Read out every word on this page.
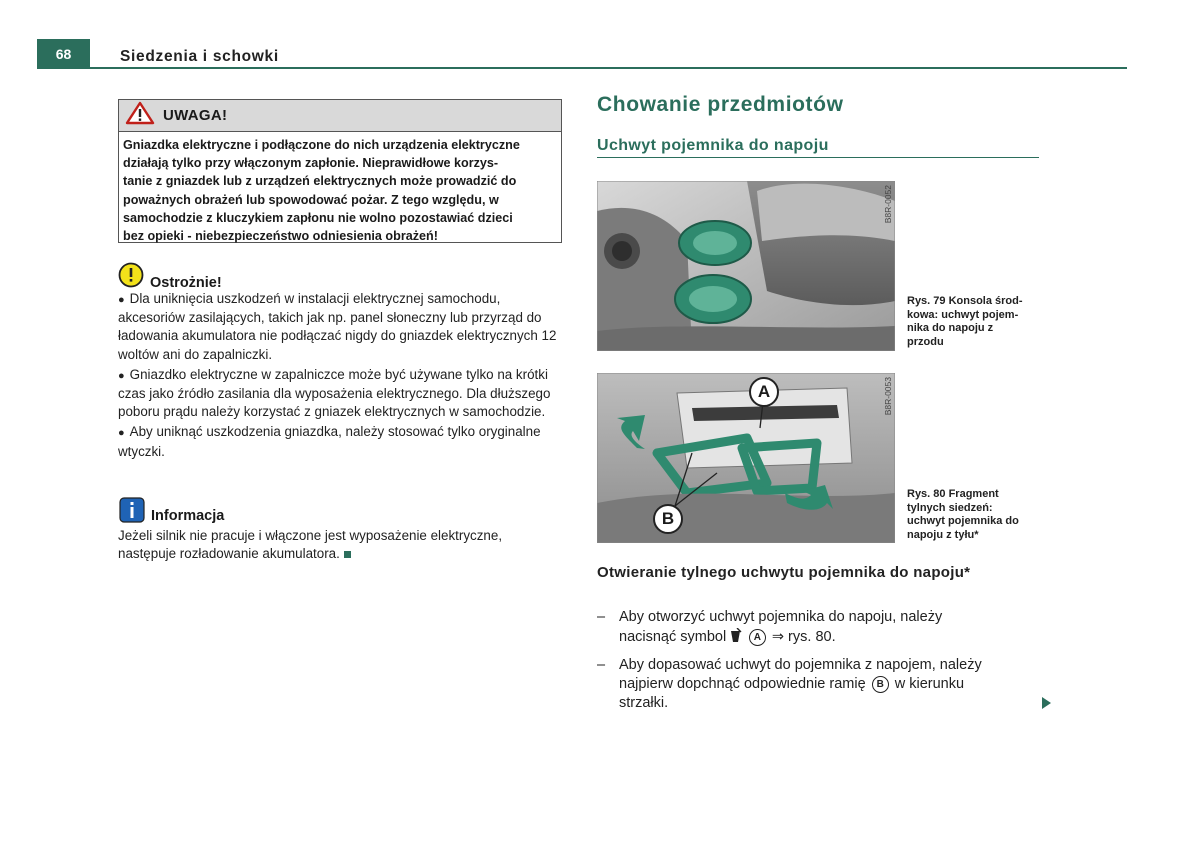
68	Siedzenia i schowki
UWAGA!
Gniazdka elektryczne i podłączone do nich urządzenia elektryczne
działają tylko przy włączonym zapłonie. Nieprawidłowe korzys-
tanie z gniazdek lub z urządzeń elektrycznych może prowadzić do
poważnych obrażeń lub spowodować pożar. Z tego względu, w
samochodzie z kluczykiem zapłonu nie wolno pozostawiać dzieci
bez opieki - niebezpieczeństwo odniesienia obrażeń!
Ostrożnie!

● Dla uniknięcia uszkodzeń w instalacji elektrycznej samochodu, akcesoriów zasilających, takich jak np. panel słoneczny lub przyrząd do ładowania akumulatora nie podłączać nigdy do gniazdek elektrycznych 12 woltów ani do zapalniczki.

● Gniazdko elektryczne w zapalniczce może być używane tylko na krótki czas jako źródło zasilania dla wyposażenia elektrycznego. Dla dłuższego poboru prądu należy korzystać z gniazek elektrycznych w samochodzie.

● Aby uniknąć uszkodzenia gniazdka, należy stosować tylko oryginalne wtyczki.

Informacja
Jeżeli silnik nie pracuje i włączone jest wyposażenie elektryczne, następuje rozładowanie akumulatora.
Chowanie przedmiotów
Uchwyt pojemnika do napoju
B8R-0052
Rys. 79 Konsola środ-
kowa: uchwyt pojem-
nika do napoju z
przodu
A
B
B8R-0053
Rys. 80 Fragment
tylnych siedzeń:
uchwyt pojemnika do
napoju z tyłu*
Otwieranie tylnego uchwytu pojemnika do napoju*
– Aby otworzyć uchwyt pojemnika do napoju, należy
nacisnąć symbol	A ⇒ rys. 80.
– Aby dopasować uchwyt do pojemnika z napojem, należy
najpierw dopchnąć odpowiednie ramię B w kierunku
strzałki.
